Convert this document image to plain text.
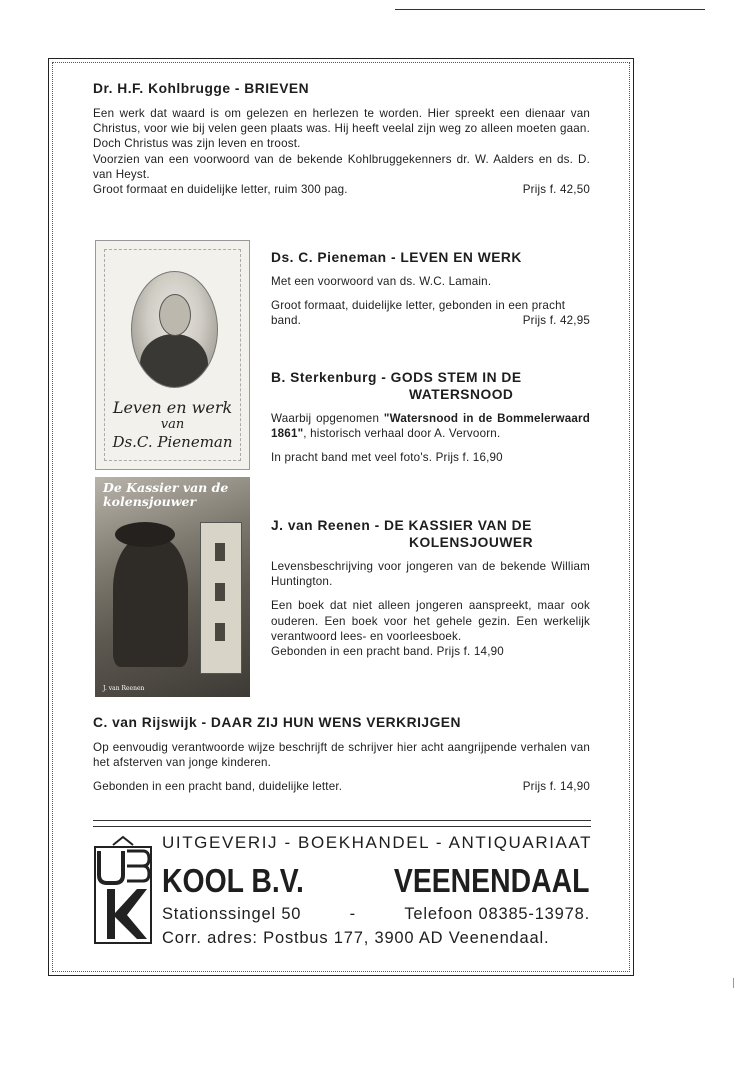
Dr. H.F. Kohlbrugge - BRIEVEN

Een werk dat waard is om gelezen en herlezen te worden. Hier spreekt een dienaar van Christus, voor wie bij velen geen plaats was. Hij heeft veelal zijn weg zo alleen moeten gaan. Doch Christus was zijn leven en troost.

Voorzien van een voorwoord van de bekende Kohlbruggekenners dr. W. Aalders en ds. D. van Heyst.

Groot formaat en duidelijke letter, ruim 300 pag.	Prijs f. 42,50
Leven en werk
van
Ds.C. Pieneman
Ds. C. Pieneman - LEVEN EN WERK

Met een voorwoord van ds. W.C. Lamain.

Groot formaat, duidelijke letter, gebonden in een pracht band.	Prijs f. 42,95
B. Sterkenburg - GODS STEM IN DE
WATERSNOOD

Waarbij opgenomen "Watersnood in de Bommelerwaard 1861", historisch verhaal door A. Vervoorn.

In pracht band met veel foto's. Prijs f. 16,90
De Kassier van de kolensjouwer
J. van Reenen
J. van Reenen - DE KASSIER VAN DE
KOLENSJOUWER

Levensbeschrijving voor jongeren van de bekende William Huntington.

Een boek dat niet alleen jongeren aanspreekt, maar ook ouderen. Een boek voor het gehele gezin. Een werkelijk verantwoord lees- en voorleesboek.

Gebonden in een pracht band. Prijs f. 14,90
C. van Rijswijk - DAAR ZIJ HUN WENS VERKRIJGEN

Op eenvoudig verantwoorde wijze beschrijft de schrijver hier acht aangrijpende verhalen van het afsterven van jonge kinderen.

Gebonden in een pracht band, duidelijke letter.	Prijs f. 14,90
UITGEVERIJ - BOEKHANDEL - ANTIQUARIAAT
KOOL B.V.	VEENENDAAL
Stationssingel 50	-	Telefoon 08385-13978.
Corr. adres: Postbus 177, 3900 AD Veenendaal.
